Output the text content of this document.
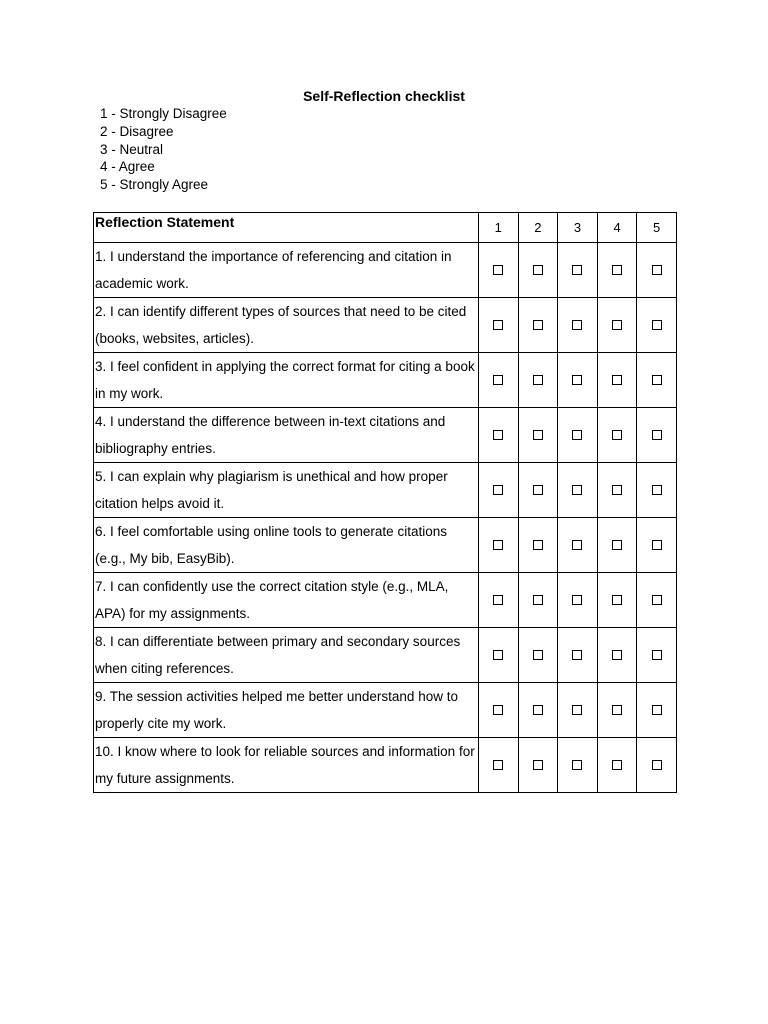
Self-Reflection checklist
1 - Strongly Disagree
2 - Disagree
3 - Neutral
4 - Agree
5 - Strongly Agree
Reflection Statement	1	2	3	4	5
1. I understand the importance of referencing and citation in academic work.					
2. I can identify different types of sources that need to be cited (books, websites, articles).					
3. I feel confident in applying the correct format for citing a book in my work.					
4. I understand the difference between in-text citations and bibliography entries.					
5. I can explain why plagiarism is unethical and how proper citation helps avoid it.					
6. I feel comfortable using online tools to generate citations (e.g., My bib, EasyBib).					
7. I can confidently use the correct citation style (e.g., MLA, APA) for my assignments.					
8. I can differentiate between primary and secondary sources when citing references.					
9. The session activities helped me better understand how to properly cite my work.					
10. I know where to look for reliable sources and information for my future assignments.					
